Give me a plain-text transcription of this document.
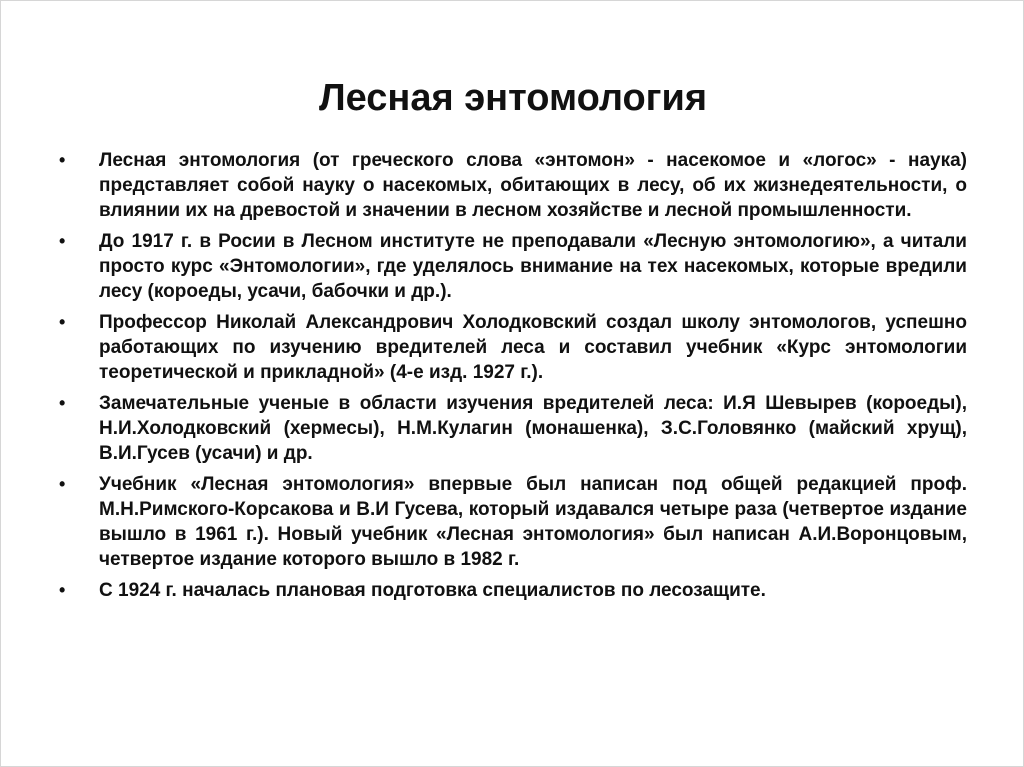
Лесная энтомология
•	Лесная энтомология (от греческого слова «энтомон» - насекомое и «логос» - наука) представляет собой науку о насекомых, обитающих в лесу, об их жизнедеятельности, о влиянии их на древостой и значении в лесном хозяйстве и лесной промышленности.
•	До 1917 г. в Росии в Лесном институте не преподавали «Лесную энтомологию», а читали просто курс «Энтомологии», где уделялось внимание на тех насекомых, которые вредили лесу (короеды, усачи, бабочки и др.).
•	Профессор Николай Александрович Холодковский создал школу энтомологов, успешно работающих по изучению вредителей леса и составил учебник «Курс энтомологии теоретической и прикладной» (4-е изд. 1927 г.).
•	Замечательные ученые в области изучения вредителей леса: И.Я Шевырев (короеды), Н.И.Холодковский (хермесы), Н.М.Кулагин (монашенка), З.С.Головянко (майский хрущ), В.И.Гусев (усачи) и др.
•	Учебник «Лесная энтомология» впервые был написан под общей редакцией проф. М.Н.Римского-Корсакова и В.И Гусева, который издавался четыре раза (четвертое издание вышло в 1961 г.). Новый учебник «Лесная энтомология» был написан А.И.Воронцовым, четвертое издание которого вышло в 1982 г.
•	С 1924 г. началась плановая подготовка специалистов по лесозащите.
